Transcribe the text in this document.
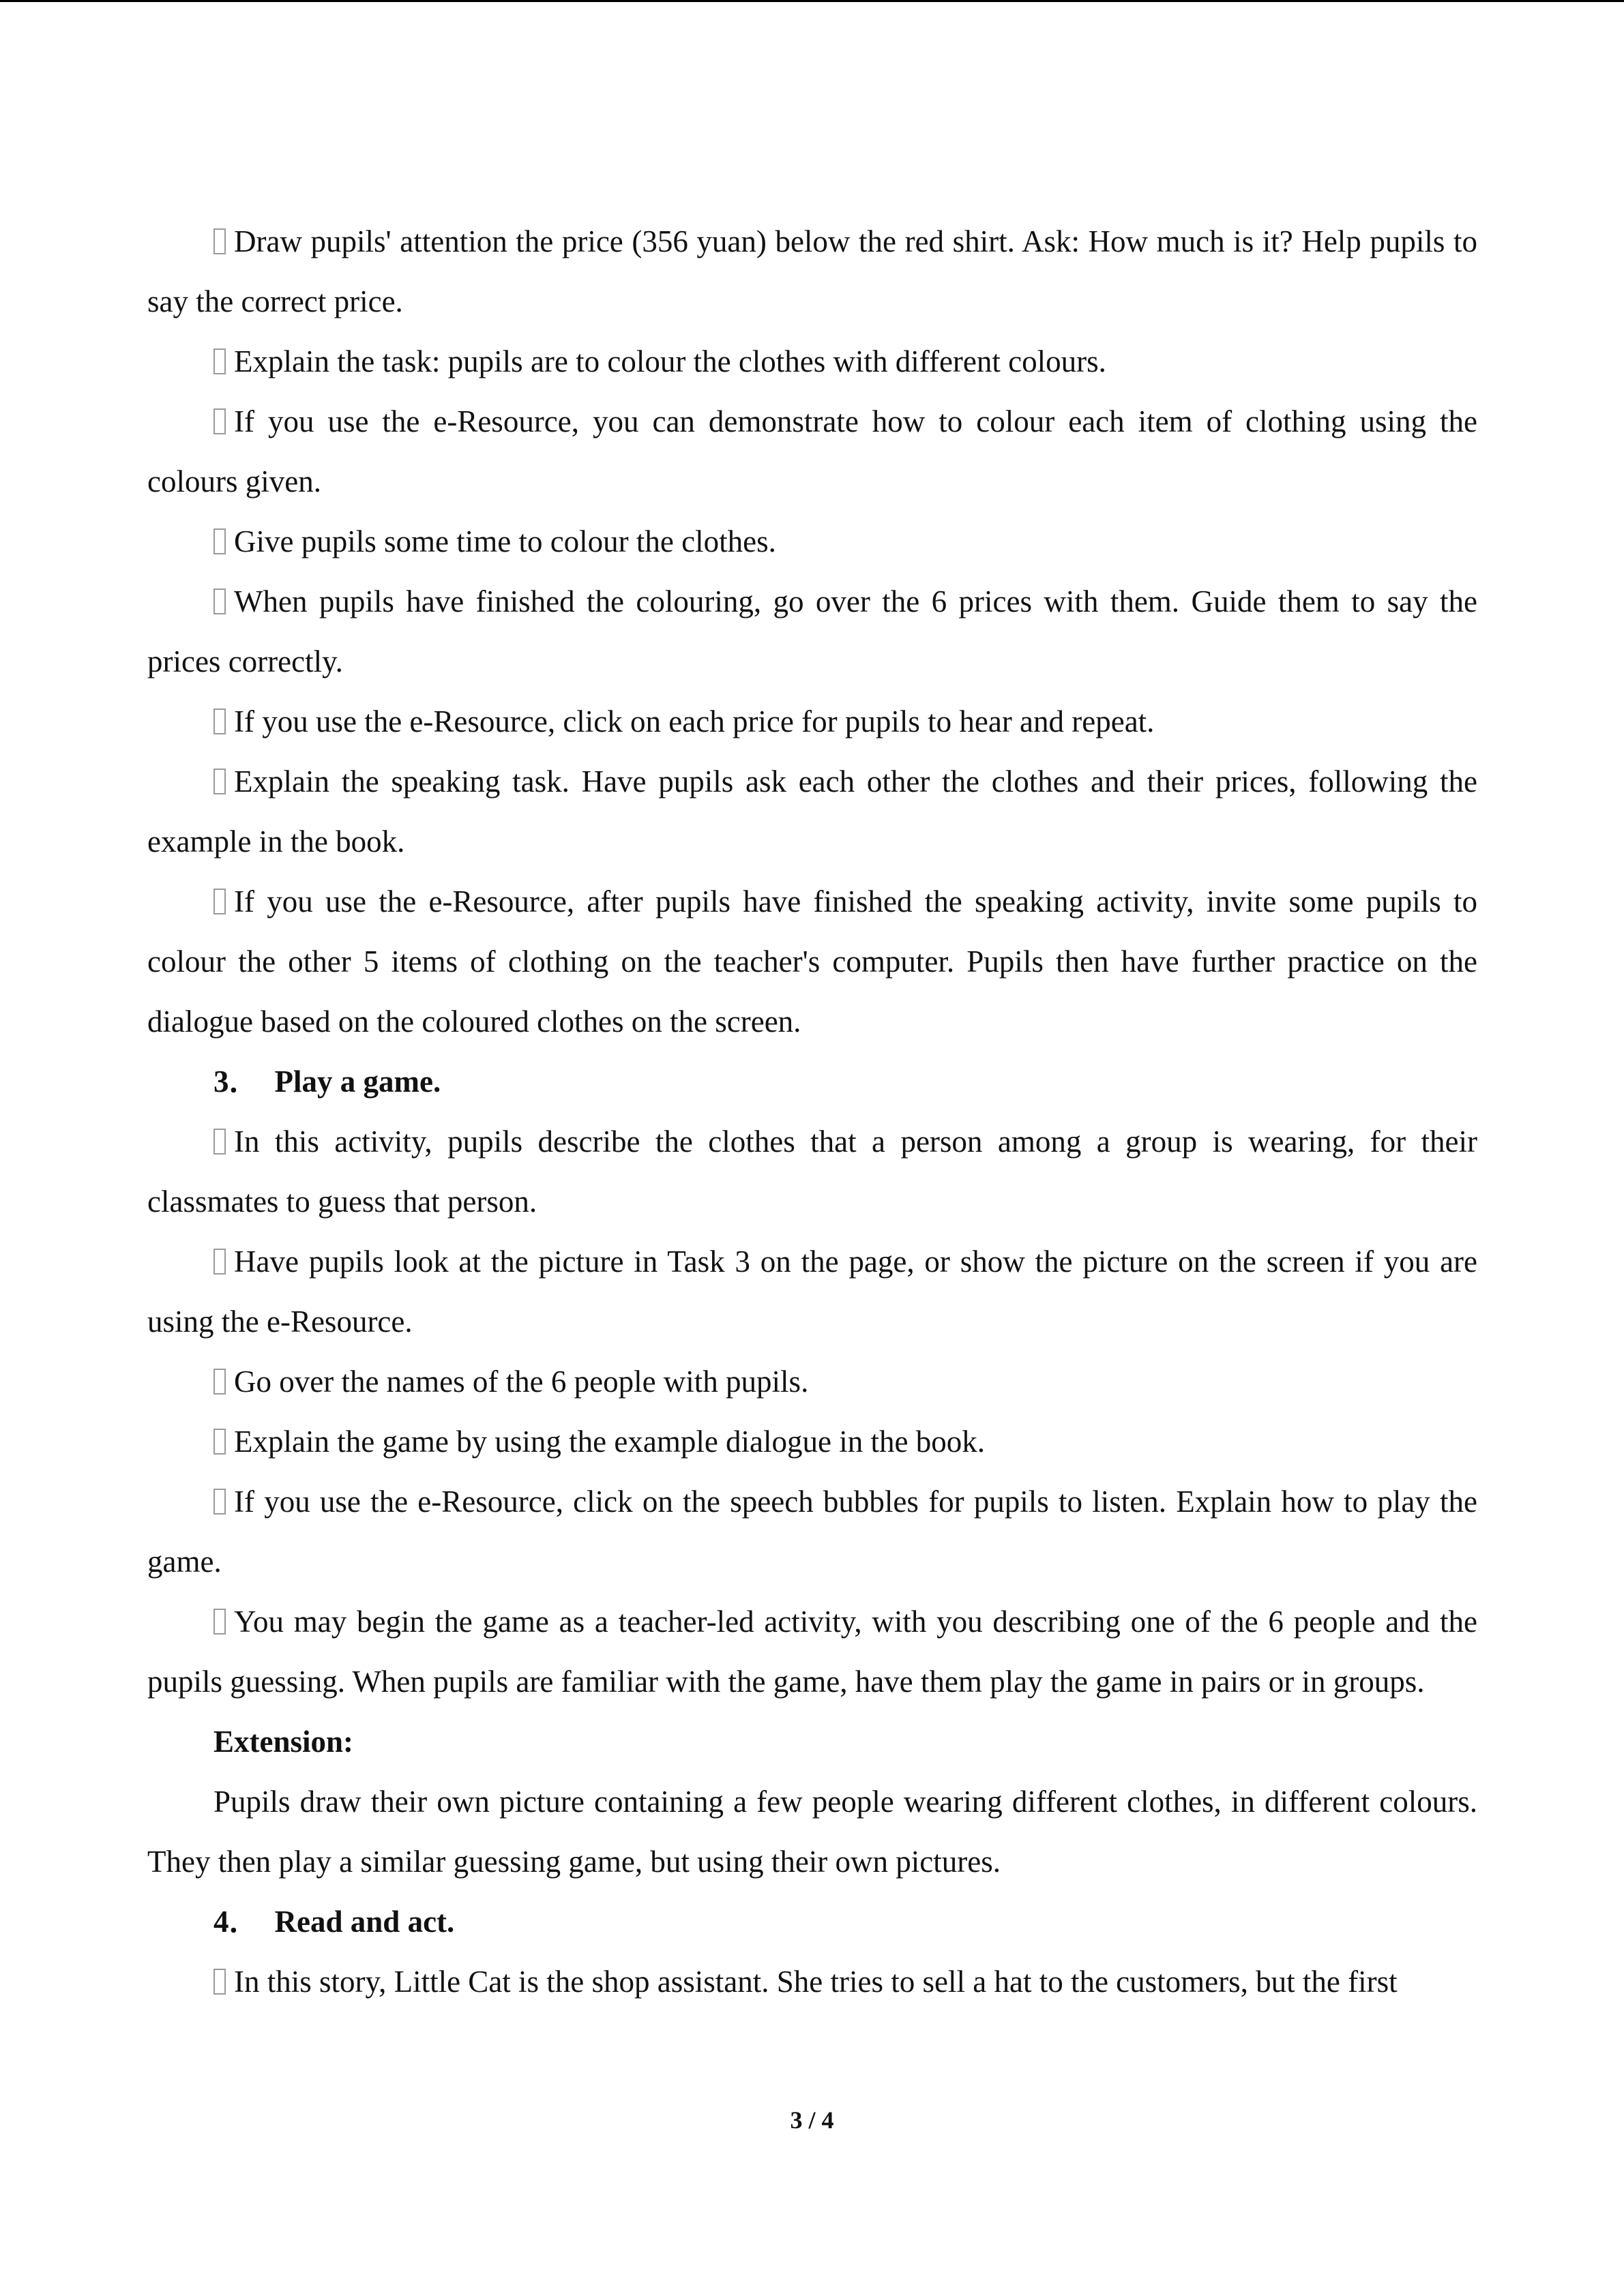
Draw pupils' attention the price (356 yuan) below the red shirt. Ask: How much is it? Help pupils to say the correct price.

Explain the task: pupils are to colour the clothes with different colours.

If you use the e-Resource, you can demonstrate how to colour each item of clothing using the colours given.

Give pupils some time to colour the clothes.

When pupils have finished the colouring, go over the 6 prices with them. Guide them to say the prices correctly.

If you use the e-Resource, click on each price for pupils to hear and repeat.

Explain the speaking task. Have pupils ask each other the clothes and their prices, following the example in the book.

If you use the e-Resource, after pupils have finished the speaking activity, invite some pupils to colour the other 5 items of clothing on the teacher's computer. Pupils then have further practice on the dialogue based on the coloured clothes on the screen.

3． Play a game.

In this activity, pupils describe the clothes that a person among a group is wearing, for their classmates to guess that person.

Have pupils look at the picture in Task 3 on the page, or show the picture on the screen if you are using the e-Resource.

Go over the names of the 6 people with pupils.

Explain the game by using the example dialogue in the book.

If you use the e-Resource, click on the speech bubbles for pupils to listen. Explain how to play the game.

You may begin the game as a teacher-led activity, with you describing one of the 6 people and the pupils guessing. When pupils are familiar with the game, have them play the game in pairs or in groups.

Extension:

Pupils draw their own picture containing a few people wearing different clothes, in different colours. They then play a similar guessing game, but using their own pictures.

4． Read and act.

In this story, Little Cat is the shop assistant. She tries to sell a hat to the customers, but the first

3 / 4
